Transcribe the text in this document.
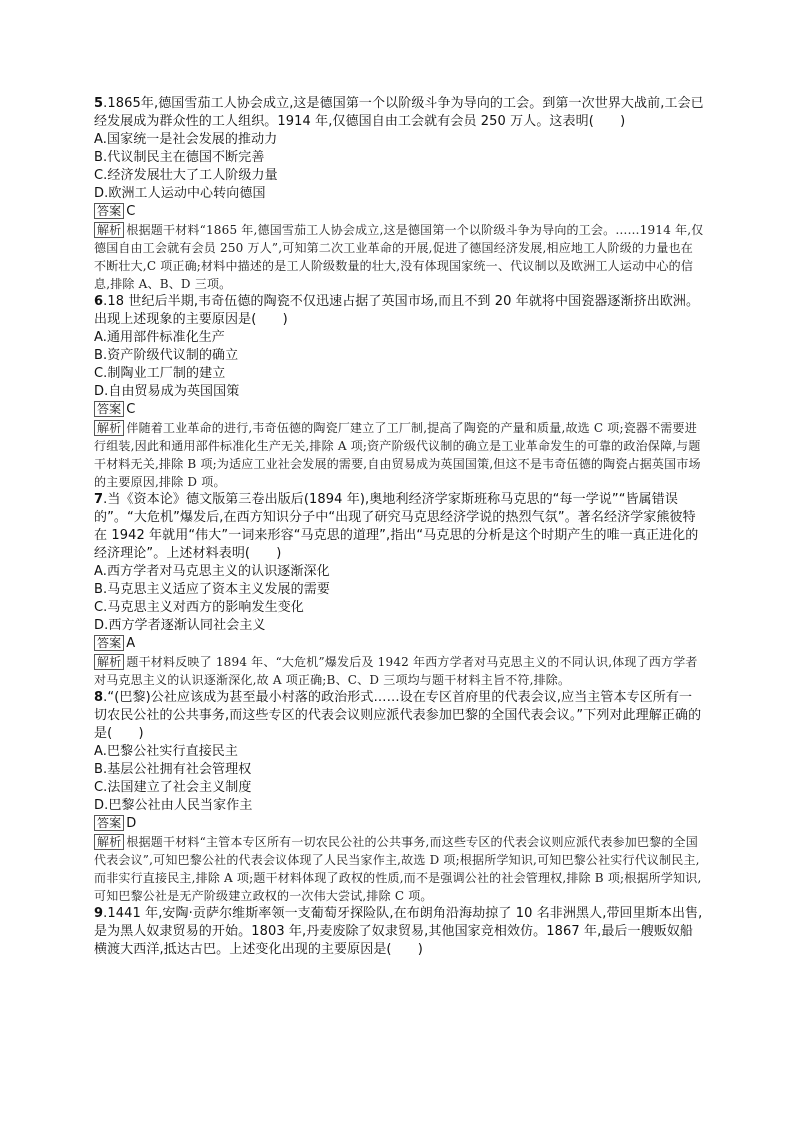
5.1865年,德国雪茄工人协会成立,这是德国第一个以阶级斗争为导向的工会。到第一次世界大战前,工会已经发展成为群众性的工人组织。1914 年,仅德国自由工会就有会员 250 万人。这表明(　　)

A.国家统一是社会发展的推动力

B.代议制民主在德国不断完善

C.经济发展壮大了工人阶级力量

D.欧洲工人运动中心转向德国

答案 C

解析 根据题干材料“1865 年,德国雪茄工人协会成立,这是德国第一个以阶级斗争为导向的工会。……1914 年,仅德国自由工会就有会员 250 万人”,可知第二次工业革命的开展,促进了德国经济发展,相应地工人阶级的力量也在不断壮大,C 项正确;材料中描述的是工人阶级数量的壮大,没有体现国家统一、代议制以及欧洲工人运动中心的信息,排除 A、B、D 三项。

6.18 世纪后半期,韦奇伍德的陶瓷不仅迅速占据了英国市场,而且不到 20 年就将中国瓷器逐渐挤出欧洲。出现上述现象的主要原因是(　　)

A.通用部件标准化生产

B.资产阶级代议制的确立

C.制陶业工厂制的建立

D.自由贸易成为英国国策

答案 C

解析 伴随着工业革命的进行,韦奇伍德的陶瓷厂建立了工厂制,提高了陶瓷的产量和质量,故选 C 项;瓷器不需要进行组装,因此和通用部件标准化生产无关,排除 A 项;资产阶级代议制的确立是工业革命发生的可靠的政治保障,与题干材料无关,排除 B 项;为适应工业社会发展的需要,自由贸易成为英国国策,但这不是韦奇伍德的陶瓷占据英国市场的主要原因,排除 D 项。

7.当《资本论》德文版第三卷出版后(1894 年),奥地利经济学家斯班称马克思的“每一学说”“皆属错误的”。“大危机”爆发后,在西方知识分子中“出现了研究马克思经济学说的热烈气氛”。著名经济学家熊彼特在 1942 年就用“伟大”一词来形容“马克思的道理”,指出“马克思的分析是这个时期产生的唯一真正进化的经济理论”。上述材料表明(　　)

A.西方学者对马克思主义的认识逐渐深化

B.马克思主义适应了资本主义发展的需要

C.马克思主义对西方的影响发生变化

D.西方学者逐渐认同社会主义

答案 A

解析 题干材料反映了 1894 年、“大危机”爆发后及 1942 年西方学者对马克思主义的不同认识,体现了西方学者对马克思主义的认识逐渐深化,故 A 项正确;B、C、D 三项均与题干材料主旨不符,排除。

8.“(巴黎)公社应该成为甚至最小村落的政治形式……设在专区首府里的代表会议,应当主管本专区所有一切农民公社的公共事务,而这些专区的代表会议则应派代表参加巴黎的全国代表会议。”下列对此理解正确的是(　　)

A.巴黎公社实行直接民主

B.基层公社拥有社会管理权

C.法国建立了社会主义制度

D.巴黎公社由人民当家作主

答案 D

解析 根据题干材料“主管本专区所有一切农民公社的公共事务,而这些专区的代表会议则应派代表参加巴黎的全国代表会议”,可知巴黎公社的代表会议体现了人民当家作主,故选 D 项;根据所学知识,可知巴黎公社实行代议制民主,而非实行直接民主,排除 A 项;题干材料体现了政权的性质,而不是强调公社的社会管理权,排除 B 项;根据所学知识,可知巴黎公社是无产阶级建立政权的一次伟大尝试,排除 C 项。

9.1441 年,安陶·贡萨尔维斯率领一支葡萄牙探险队,在布朗角沿海劫掠了 10 名非洲黑人,带回里斯本出售,是为黑人奴隶贸易的开始。1803 年,丹麦废除了奴隶贸易,其他国家竞相效仿。1867 年,最后一艘贩奴船横渡大西洋,抵达古巴。上述变化出现的主要原因是(　　)
